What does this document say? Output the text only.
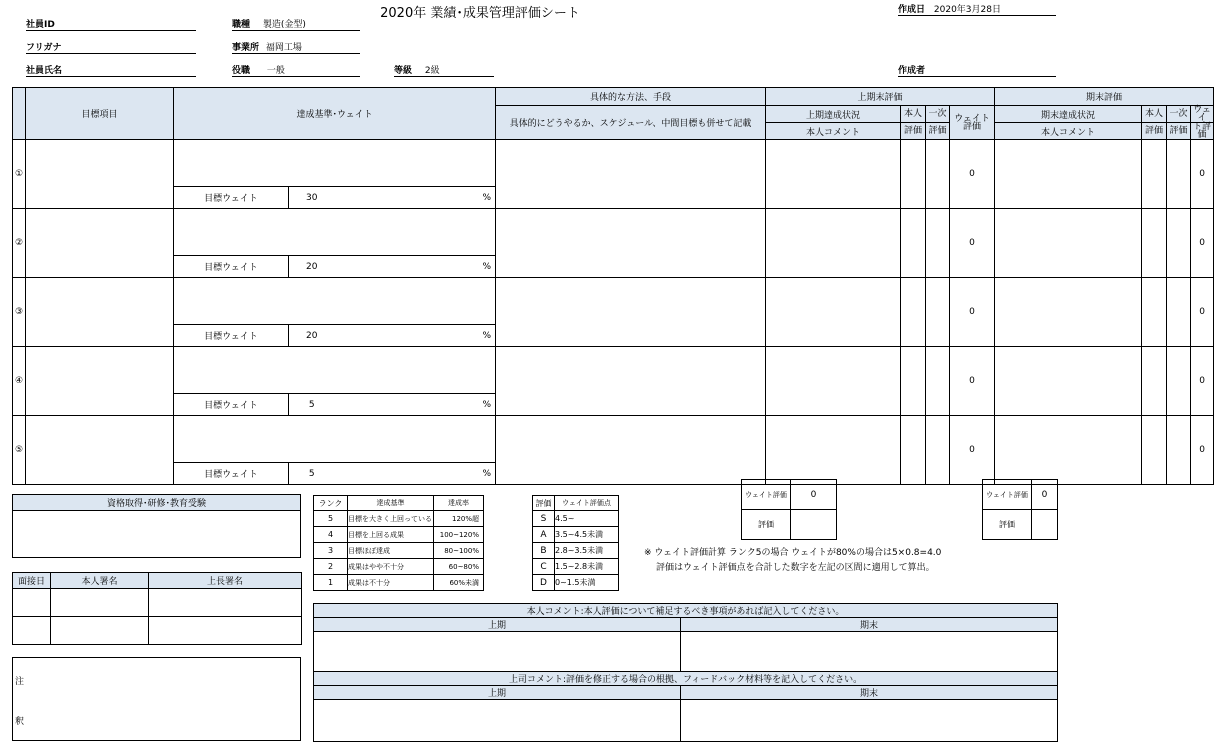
2020年 業績･成果管理評価シート
社員ID
フリガナ
社員氏名
職種 製造(金型)
事業所 福岡工場
役職 一般	等級 2級
作成日 2020年3月28日
作成者
	目標項目	達成基準･ウェイト			具体的な方法、手段	上期末評価				期末評価			
					具体的にどうやるか、スケジュール、中間目標も併せて記載	上期達成状況	本人	一次	ウェイト評価	期末達成状況	本人	一次	ウェイ
						本人コメント	評価	評価		本人コメント	評価	評価	ト評価
①									0				0
		目標ウェイト	30	%									
②									0				0
		目標ウェイト	20	%									
③									0				0
		目標ウェイト	20	%									
④									0				0
		目標ウェイト	5	%									
⑤									0				0
		目標ウェイト	5	%									
ウェイト評価	0
評価	
ウェイト評価	0
評価	
資格取得･研修･教育受験

面接日	本人署名	上長署名

注
釈
ランク	達成基準	達成率
5	目標を大きく上回っている	120%超
4	目標を上回る成果	100~120%
3	目標ほぼ達成	80~100%
2	成果はやや不十分	60~80%
1	成果は不十分	60%未満
評価	ウェイト評価点
S	4.5~
A	3.5~4.5未満
B	2.8~3.5未満
C	1.5~2.8未満
D	0~1.5未満
※ ウェイト評価計算 ランク5の場合 ウェイトが80%の場合は5×0.8=4.0
評価はウェイト評価点を合計した数字を左記の区間に適用して算出。
本人コメント:本人評価について補足するべき事項があれば記入してください。	
上期	期末

上司コメント:評価を修正する場合の根拠、フィードバック材料等を記入してください。	
上期	期末
